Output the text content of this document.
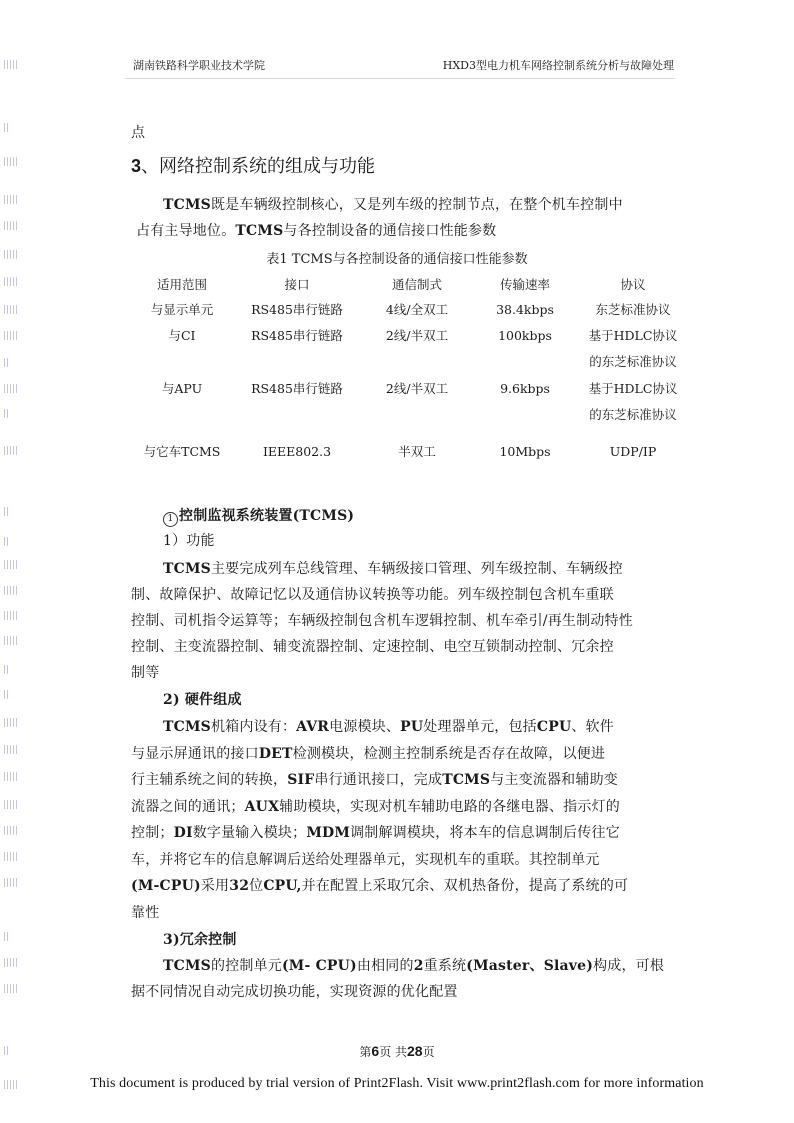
湖南铁路科学职业技术学院	HXD3型电力机车网络控制系统分析与故障处理
点
3、网络控制系统的组成与功能
TCMS既是车辆级控制核心，又是列车级的控制节点，在整个机车控制中
占有主导地位。TCMS与各控制设备的通信接口性能参数
表1 TCMS与各控制设备的通信接口性能参数
适用范围	接口	通信制式	传输速率	协议
与显示单元	RS485串行链路	4线/全双工	38.4kbps	东芝标准协议
与CI	RS485串行链路	2线/半双工	100kbps	基于HDLC协议
的东芝标准协议

与APU	RS485串行链路	2线/半双工	9.6kbps	基于HDLC协议
的东芝标准协议

与它车TCMS	IEEE802.3	半双工	10Mbps	UDP/IP
1 控制监视系统装置(TCMS)
1）功能
TCMS主要完成列车总线管理、车辆级接口管理、列车级控制、车辆级控
制、故障保护、故障记忆以及通信协议转换等功能。列车级控制包含机车重联
控制、司机指令运算等；车辆级控制包含机车逻辑控制、机车牵引/再生制动特性
控制、主变流器控制、辅变流器控制、定速控制、电空互锁制动控制、冗余控
制等
2) 硬件组成
TCMS机箱内设有：AVR电源模块、PU处理器单元，包括CPU、软件
与显示屏通讯的接口DET检测模块，检测主控制系统是否存在故障，以便进
行主辅系统之间的转换，SIF串行通讯接口，完成TCMS与主变流器和辅助变
流器之间的通讯；AUX辅助模块，实现对机车辅助电路的各继电器、指示灯的
控制；DI数字量输入模块；MDM调制解调模块，将本车的信息调制后传往它
车，并将它车的信息解调后送给处理器单元，实现机车的重联。其控制单元
(M-CPU)采用32位CPU,并在配置上采取冗余、双机热备份，提高了系统的可
靠性
3)冗余控制
TCMS的控制单元(M- CPU)由相同的2重系统(Master、Slave)构成，可根
据不同情况自动完成切换功能，实现资源的优化配置
第6页 共28页
This document is produced by trial version of Print2Flash. Visit www.print2flash.com for more information
